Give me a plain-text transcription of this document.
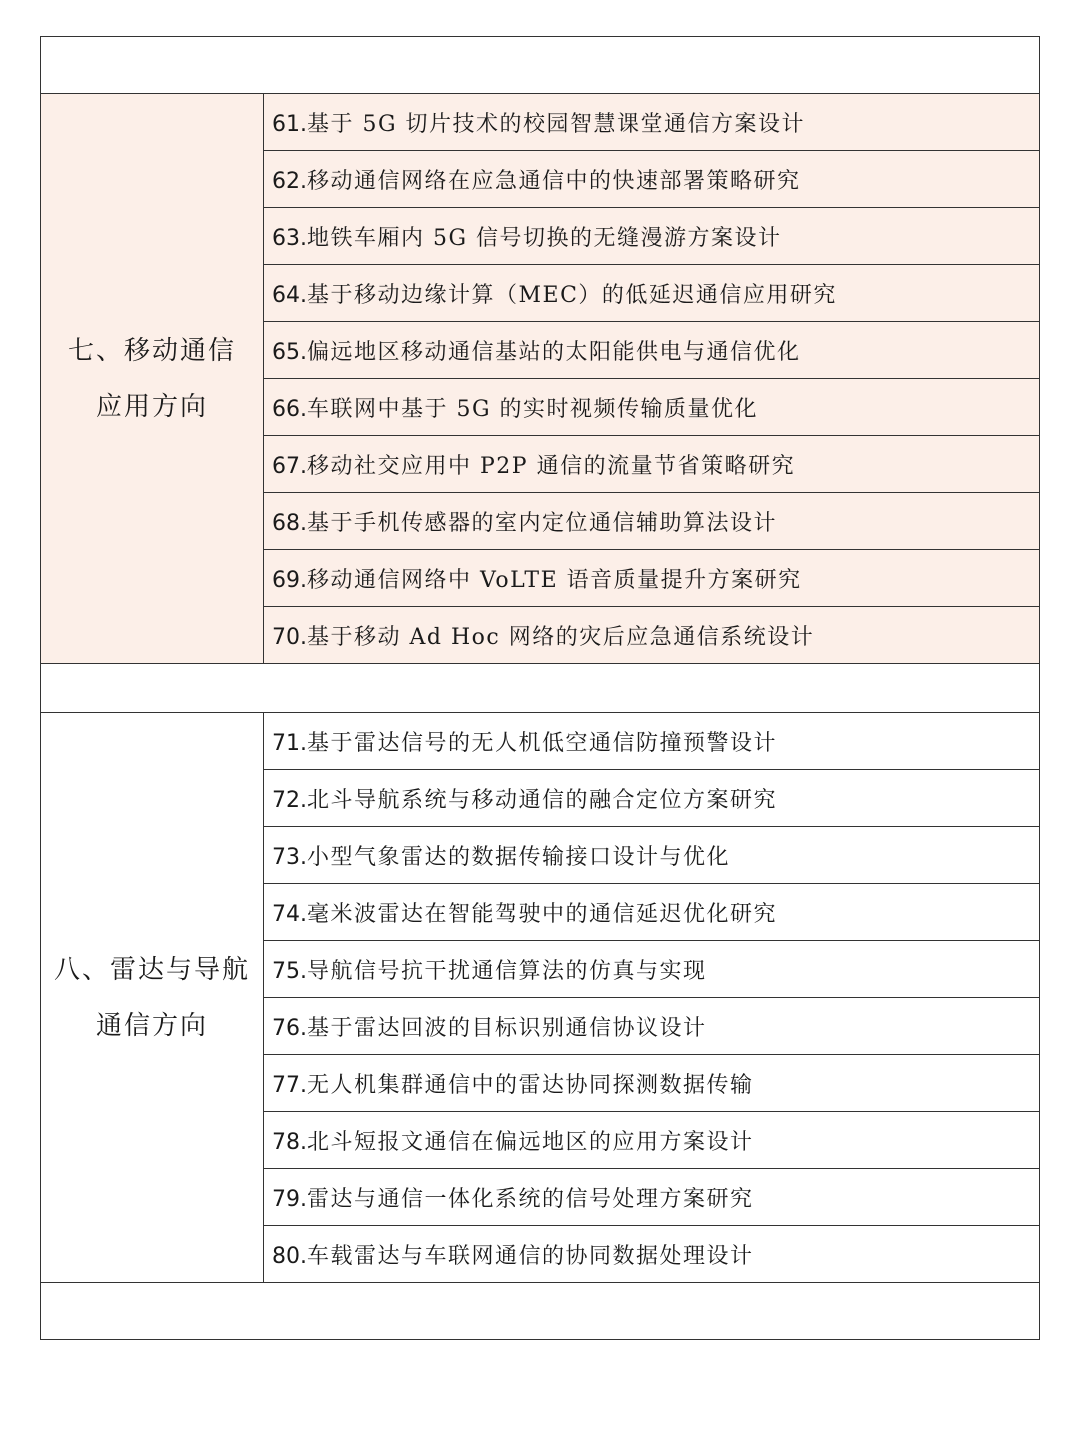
七、移动通信
应用方向	61.基于 5G 切片技术的校园智慧课堂通信方案设计
	62.移动通信网络在应急通信中的快速部署策略研究
	63.地铁车厢内 5G 信号切换的无缝漫游方案设计
	64.基于移动边缘计算（MEC）的低延迟通信应用研究
	65.偏远地区移动通信基站的太阳能供电与通信优化
	66.车联网中基于 5G 的实时视频传输质量优化
	67.移动社交应用中 P2P 通信的流量节省策略研究
	68.基于手机传感器的室内定位通信辅助算法设计
	69.移动通信网络中 VoLTE 语音质量提升方案研究
	70.基于移动 Ad Hoc 网络的灾后应急通信系统设计

八、雷达与导航
通信方向	71.基于雷达信号的无人机低空通信防撞预警设计
	72.北斗导航系统与移动通信的融合定位方案研究
	73.小型气象雷达的数据传输接口设计与优化
	74.毫米波雷达在智能驾驶中的通信延迟优化研究
	75.导航信号抗干扰通信算法的仿真与实现
	76.基于雷达回波的目标识别通信协议设计
	77.无人机集群通信中的雷达协同探测数据传输
	78.北斗短报文通信在偏远地区的应用方案设计
	79.雷达与通信一体化系统的信号处理方案研究
	80.车载雷达与车联网通信的协同数据处理设计
